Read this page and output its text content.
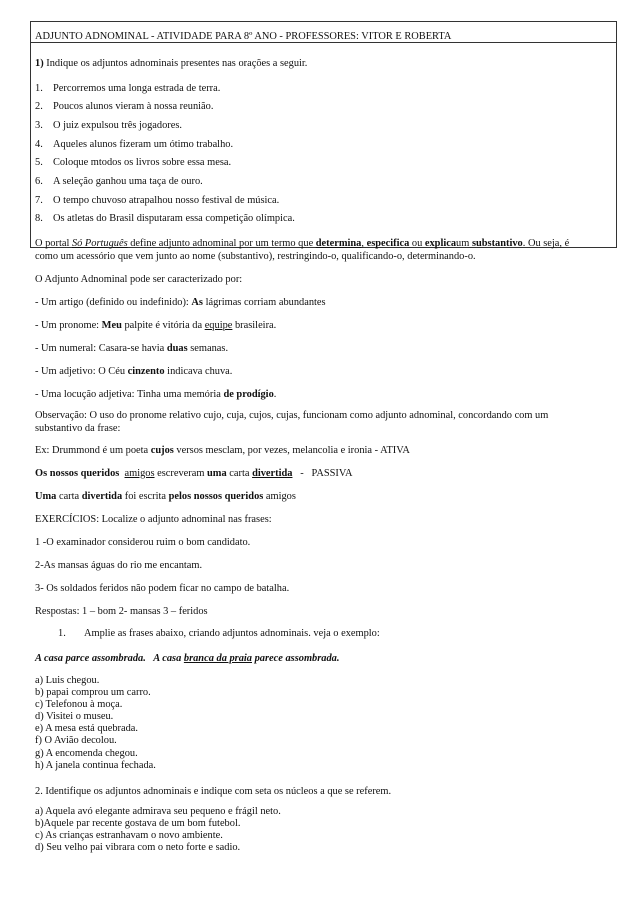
ADJUNTO ADNOMINAL - ATIVIDADE PARA 8º ANO - PROFESSORES: VITOR E ROBERTA
1) Indique os adjuntos adnominais presentes nas orações a seguir.
1. Percorremos uma longa estrada de terra.
2. Poucos alunos vieram à nossa reunião.
3. O juiz expulsou três jogadores.
4. Aqueles alunos fizeram um ótimo trabalho.
5. Coloque mtodos os livros sobre essa mesa.
6. A seleção ganhou uma taça de ouro.
7. O tempo chuvoso atrapalhou nosso festival de música.
8. Os atletas do Brasil disputaram essa competição olímpica.
O portal Só Português define adjunto adnominal por um termo que determina, especifica ou explicaum substantivo. Ou seja, é
como um acessório que vem junto ao nome (substantivo), restringindo-o, qualificando-o, determinando-o.
O Adjunto Adnominal pode ser caracterizado por:
- Um artigo (definido ou indefinido): As lágrimas corriam abundantes
- Um pronome: Meu palpite é vitória da equipe brasileira.
- Um numeral: Casara-se havia duas semanas.
- Um adjetivo: O Céu cinzento indicava chuva.
- Uma locução adjetiva: Tinha uma memória de prodígio.
Observação: O uso do pronome relativo cujo, cuja, cujos, cujas, funcionam como adjunto adnominal, concordando com um
substantivo da frase:
Ex: Drummond é um poeta cujos versos mesclam, por vezes, melancolia e ironia - ATIVA
Os nossos queridos amigos escreveram uma carta divertida   -   PASSIVA
Uma carta divertida foi escrita pelos nossos queridos amigos
EXERCÍCIOS: Localize o adjunto adnominal nas frases:
1 -O examinador considerou ruim o bom candidato.
2-As mansas águas do rio me encantam.
3- Os soldados feridos não podem ficar no campo de batalha.
Respostas: 1 – bom 2- mansas 3 – feridos
1. Amplie as frases abaixo, criando adjuntos adnominais. veja o exemplo:
A casa parce assombrada. A casa branca da praia parece assombrada.
a) Luis chegou.
b) papai comprou um carro.
c) Telefonou à moça.
d) Visitei o museu.
e) A mesa está quebrada.
f) O Avião decolou.
g) A encomenda chegou.
h) A janela continua fechada.
2. Identifique os adjuntos adnominais e indique com seta os núcleos a que se referem.
a) Aquela avó elegante admirava seu pequeno e frágil neto.
b)Aquele par recente gostava de um bom futebol.
c) As crianças estranhavam o novo ambiente.
d) Seu velho pai vibrara com o neto forte e sadio.
